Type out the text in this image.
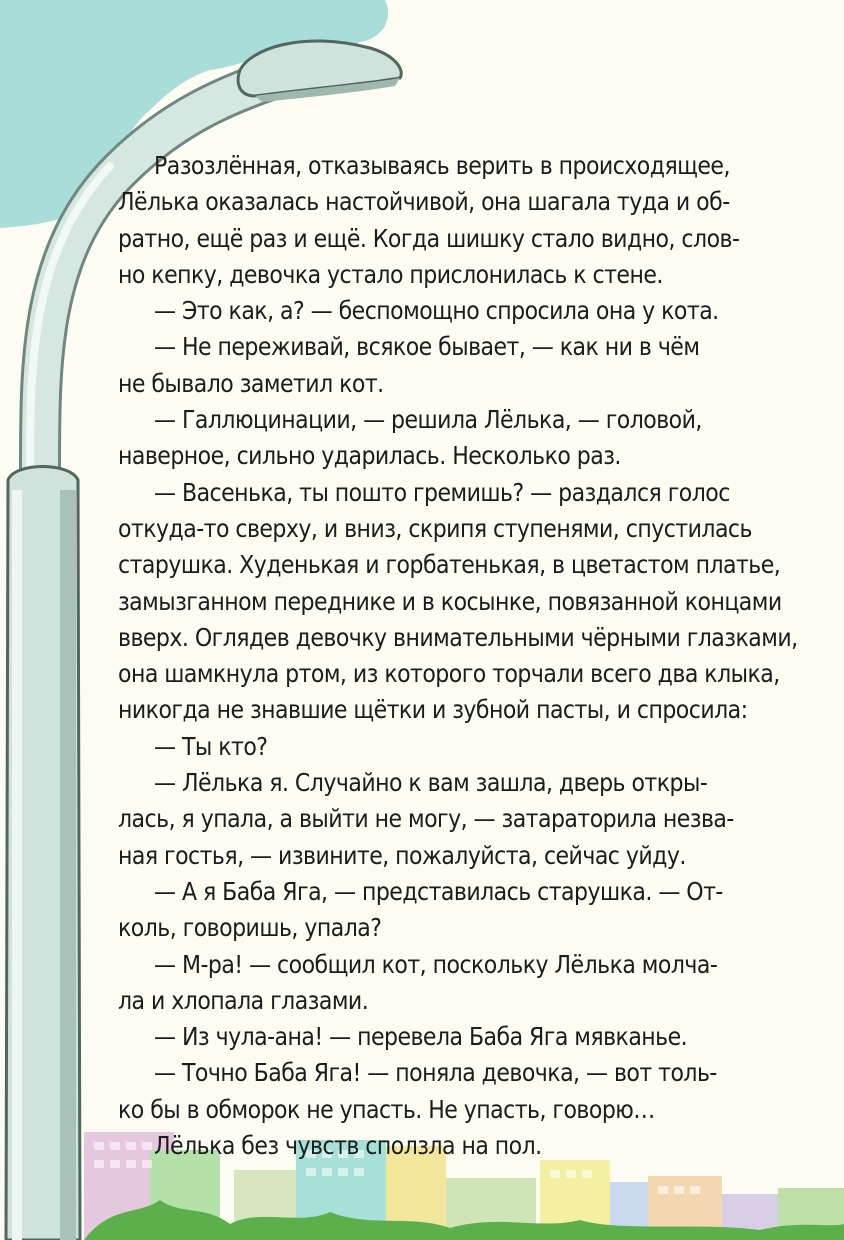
Разозлённая, отказываясь верить в происходящее,
Лёлька оказалась настойчивой, она шагала туда и об-
ратно, ещё раз и ещё. Когда шишку стало видно, слов-
но кепку, девочка устало прислонилась к стене.
— Это как, а? — беспомощно спросила она у кота.
— Не переживай, всякое бывает, — как ни в чём
не бывало заметил кот.
— Галлюцинации, — решила Лёлька, — головой,
наверное, сильно ударилась. Несколько раз.
— Васенька, ты пошто гремишь? — раздался голос
откуда-то сверху, и вниз, скрипя ступенями, спустилась
старушка. Худенькая и горбатенькая, в цветастом платье,
замызганном переднике и в косынке, повязанной концами
вверх. Оглядев девочку внимательными чёрными глазками,
она шамкнула ртом, из которого торчали всего два клыка,
никогда не знавшие щётки и зубной пасты, и спросила:
— Ты кто?
— Лёлька я. Случайно к вам зашла, дверь откры-
лась, я упала, а выйти не могу, — затараторила незва-
ная гостья, — извините, пожалуйста, сейчас уйду.
— А я Баба Яга, — представилась старушка. — От-
коль, говоришь, упала?
— М-ра! — сообщил кот, поскольку Лёлька молча-
ла и хлопала глазами.
— Из чула-ана! — перевела Баба Яга мявканье.
— Точно Баба Яга! — поняла девочка, — вот толь-
ко бы в обморок не упасть. Не упасть, говорю…
Лёлька без чувств сползла на пол.
